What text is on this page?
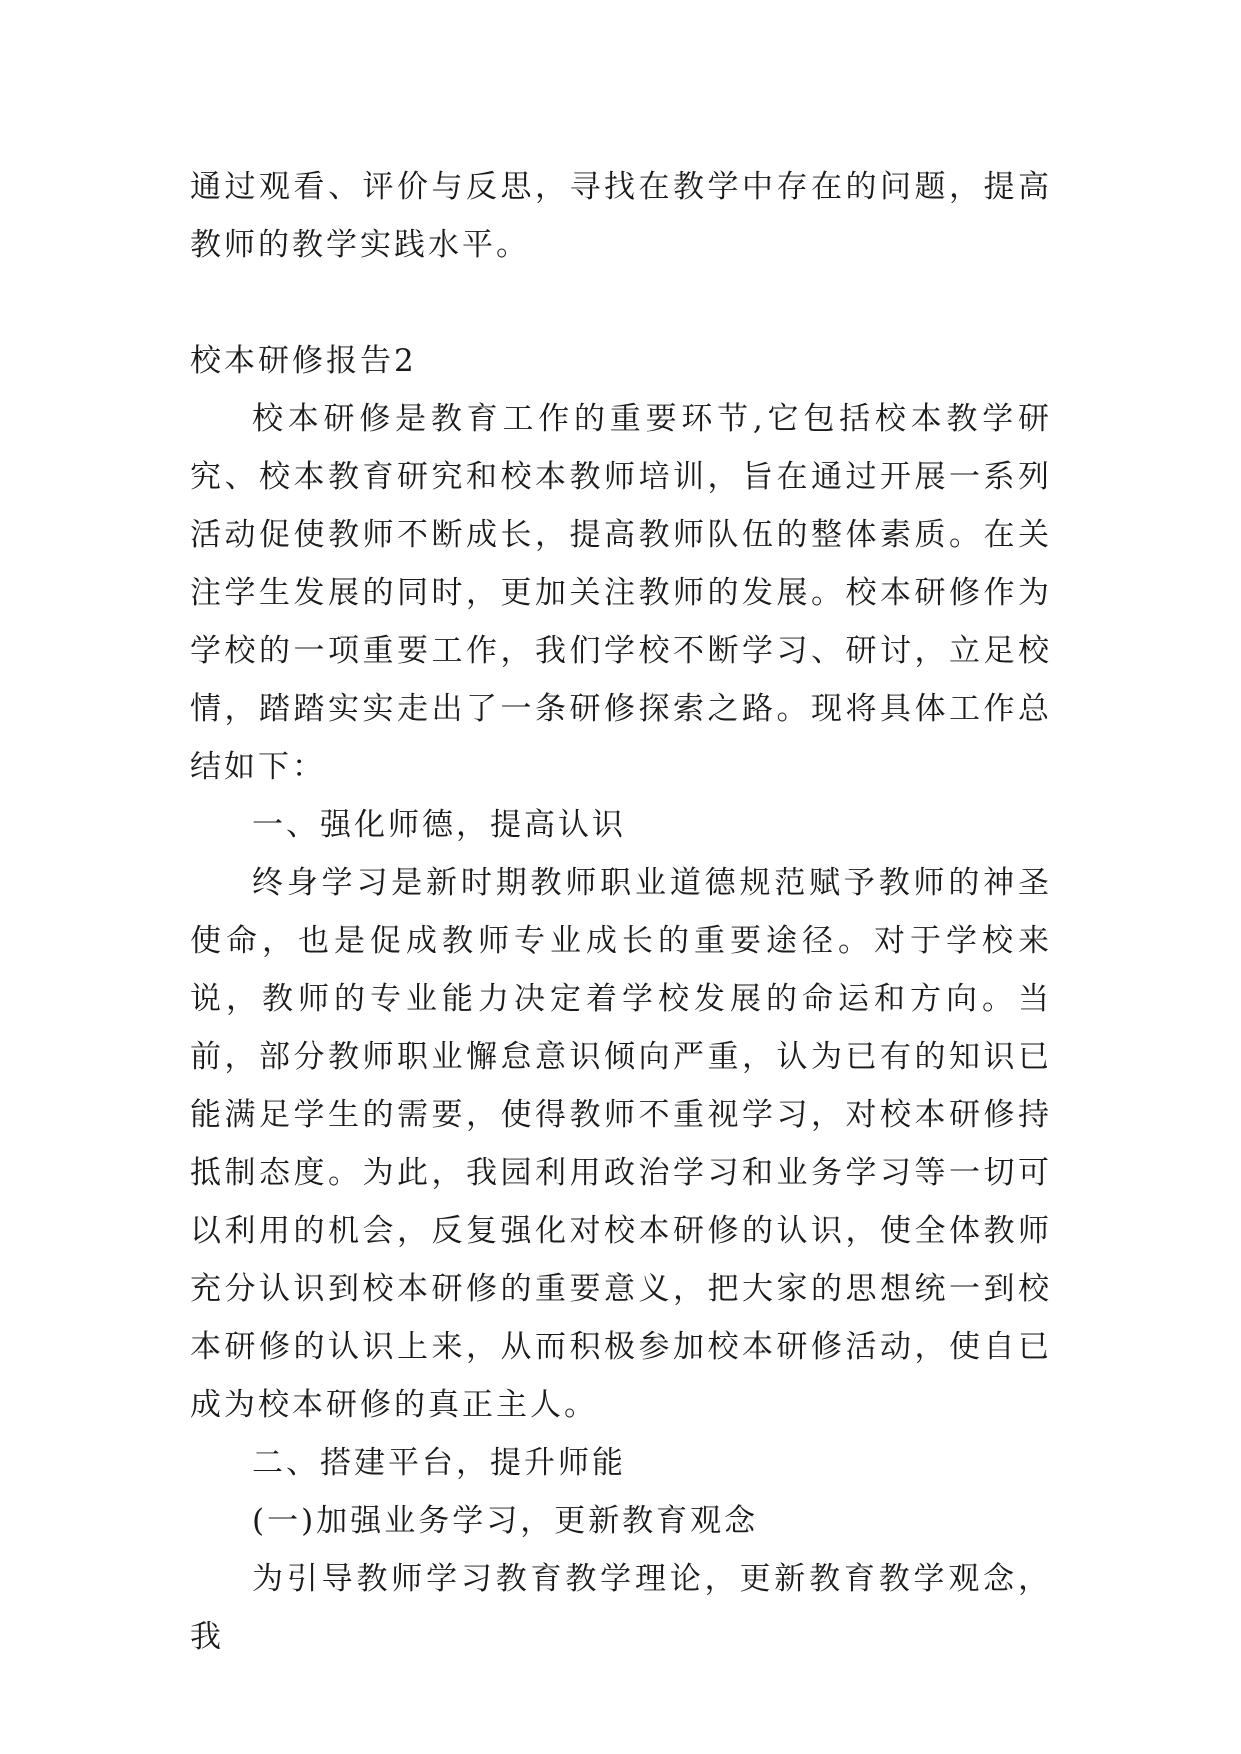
通过观看、评价与反思，寻找在教学中存在的问题，提高教师的教学实践水平。

校本研修报告2

校本研修是教育工作的重要环节,它包括校本教学研究、校本教育研究和校本教师培训，旨在通过开展一系列活动促使教师不断成长，提高教师队伍的整体素质。在关注学生发展的同时，更加关注教师的发展。校本研修作为学校的一项重要工作，我们学校不断学习、研讨，立足校情，踏踏实实走出了一条研修探索之路。现将具体工作总结如下：

一、强化师德，提高认识

终身学习是新时期教师职业道德规范赋予教师的神圣使命，也是促成教师专业成长的重要途径。对于学校来说，教师的专业能力决定着学校发展的命运和方向。当前，部分教师职业懈怠意识倾向严重，认为已有的知识已能满足学生的需要，使得教师不重视学习，对校本研修持抵制态度。为此，我园利用政治学习和业务学习等一切可以利用的机会，反复强化对校本研修的认识，使全体教师充分认识到校本研修的重要意义，把大家的思想统一到校本研修的认识上来，从而积极参加校本研修活动，使自已成为校本研修的真正主人。

二、搭建平台，提升师能

(一)加强业务学习，更新教育观念

为引导教师学习教育教学理论，更新教育教学观念，我
